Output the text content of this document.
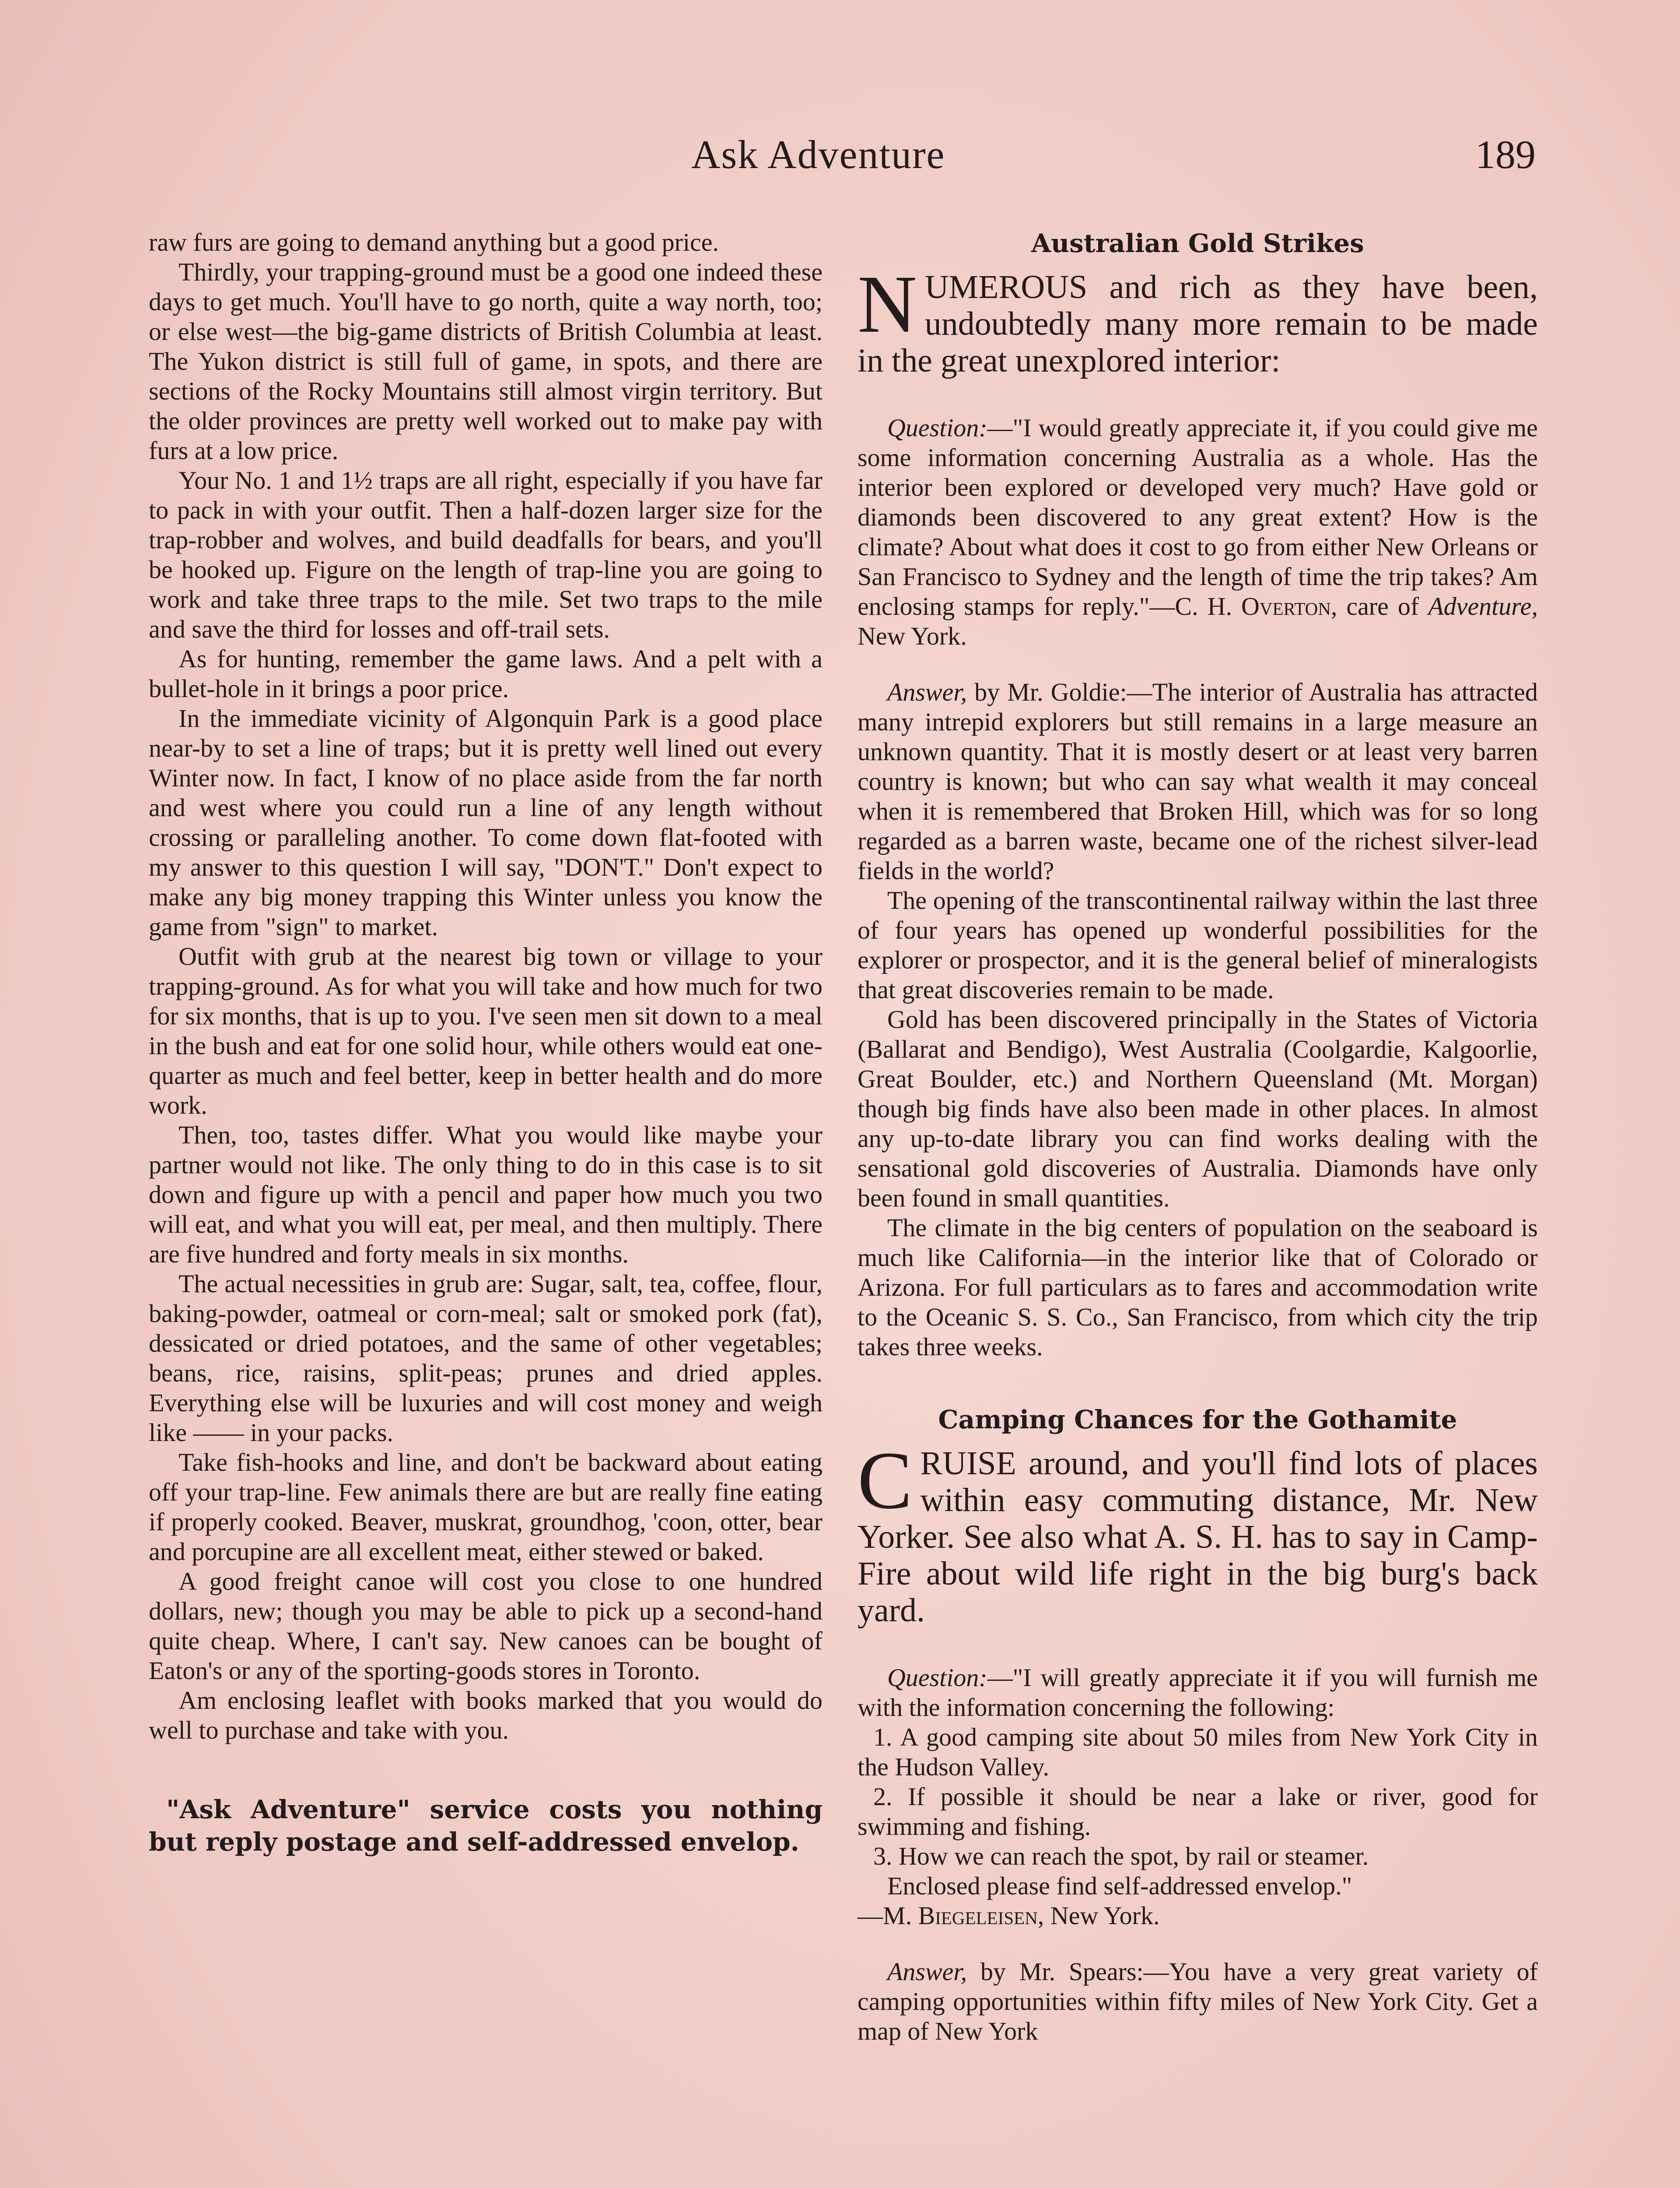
Ask Adventure	189

raw furs are going to demand anything but a good price.

Thirdly, your trapping-ground must be a good one indeed these days to get much. You'll have to go north, quite a way north, too; or else west—the big-game districts of British Columbia at least. The Yukon district is still full of game, in spots, and there are sections of the Rocky Mountains still almost virgin territory. But the older provinces are pretty well worked out to make pay with furs at a low price.

Your No. 1 and 1½ traps are all right, especially if you have far to pack in with your outfit. Then a half-dozen larger size for the trap-robber and wolves, and build deadfalls for bears, and you'll be hooked up. Figure on the length of trap-line you are going to work and take three traps to the mile. Set two traps to the mile and save the third for losses and off-trail sets.

As for hunting, remember the game laws. And a pelt with a bullet-hole in it brings a poor price.

In the immediate vicinity of Algonquin Park is a good place near-by to set a line of traps; but it is pretty well lined out every Winter now. In fact, I know of no place aside from the far north and west where you could run a line of any length without crossing or paralleling another. To come down flat-footed with my answer to this question I will say, "DON'T." Don't expect to make any big money trapping this Winter unless you know the game from "sign" to market.

Outfit with grub at the nearest big town or village to your trapping-ground. As for what you will take and how much for two for six months, that is up to you. I've seen men sit down to a meal in the bush and eat for one solid hour, while others would eat one-quarter as much and feel better, keep in better health and do more work.

Then, too, tastes differ. What you would like maybe your partner would not like. The only thing to do in this case is to sit down and figure up with a pencil and paper how much you two will eat, and what you will eat, per meal, and then multiply. There are five hundred and forty meals in six months.

The actual necessities in grub are: Sugar, salt, tea, coffee, flour, baking-powder, oatmeal or corn-meal; salt or smoked pork (fat), dessicated or dried potatoes, and the same of other vegetables; beans, rice, raisins, split-peas; prunes and dried apples. Everything else will be luxuries and will cost money and weigh like —— in your packs.

Take fish-hooks and line, and don't be backward about eating off your trap-line. Few animals there are but are really fine eating if properly cooked. Beaver, muskrat, groundhog, 'coon, otter, bear and porcupine are all excellent meat, either stewed or baked.

A good freight canoe will cost you close to one hundred dollars, new; though you may be able to pick up a second-hand quite cheap. Where, I can't say. New canoes can be bought of Eaton's or any of the sporting-goods stores in Toronto.

Am enclosing leaflet with books marked that you would do well to purchase and take with you.

"Ask Adventure" service costs you nothing but reply postage and self-addressed envelop.

Australian Gold Strikes

NUMEROUS and rich as they have been, undoubtedly many more remain to be made in the great unexplored interior:

Question:—"I would greatly appreciate it, if you could give me some information concerning Australia as a whole. Has the interior been explored or developed very much? Have gold or diamonds been discovered to any great extent? How is the climate? About what does it cost to go from either New Orleans or San Francisco to Sydney and the length of time the trip takes? Am enclosing stamps for reply."—C. H. Overton, care of Adventure, New York.

Answer, by Mr. Goldie:—The interior of Australia has attracted many intrepid explorers but still remains in a large measure an unknown quantity. That it is mostly desert or at least very barren country is known; but who can say what wealth it may conceal when it is remembered that Broken Hill, which was for so long regarded as a barren waste, became one of the richest silver-lead fields in the world?

The opening of the transcontinental railway within the last three of four years has opened up wonderful possibilities for the explorer or prospector, and it is the general belief of mineralogists that great discoveries remain to be made.

Gold has been discovered principally in the States of Victoria (Ballarat and Bendigo), West Australia (Coolgardie, Kalgoorlie, Great Boulder, etc.) and Northern Queensland (Mt. Morgan) though big finds have also been made in other places. In almost any up-to-date library you can find works dealing with the sensational gold discoveries of Australia. Diamonds have only been found in small quantities.

The climate in the big centers of population on the seaboard is much like California—in the interior like that of Colorado or Arizona. For full particulars as to fares and accommodation write to the Oceanic S. S. Co., San Francisco, from which city the trip takes three weeks.

Camping Chances for the Gothamite

CRUISE around, and you'll find lots of places within easy commuting distance, Mr. New Yorker. See also what A. S. H. has to say in Camp-Fire about wild life right in the big burg's back yard.

Question:—"I will greatly appreciate it if you will furnish me with the information concerning the following:

1. A good camping site about 50 miles from New York City in the Hudson Valley.

2. If possible it should be near a lake or river, good for swimming and fishing.

3. How we can reach the spot, by rail or steamer.

Enclosed please find self-addressed envelop."

—M. Biegeleisen, New York.

Answer, by Mr. Spears:—You have a very great variety of camping opportunities within fifty miles of New York City. Get a map of New York
